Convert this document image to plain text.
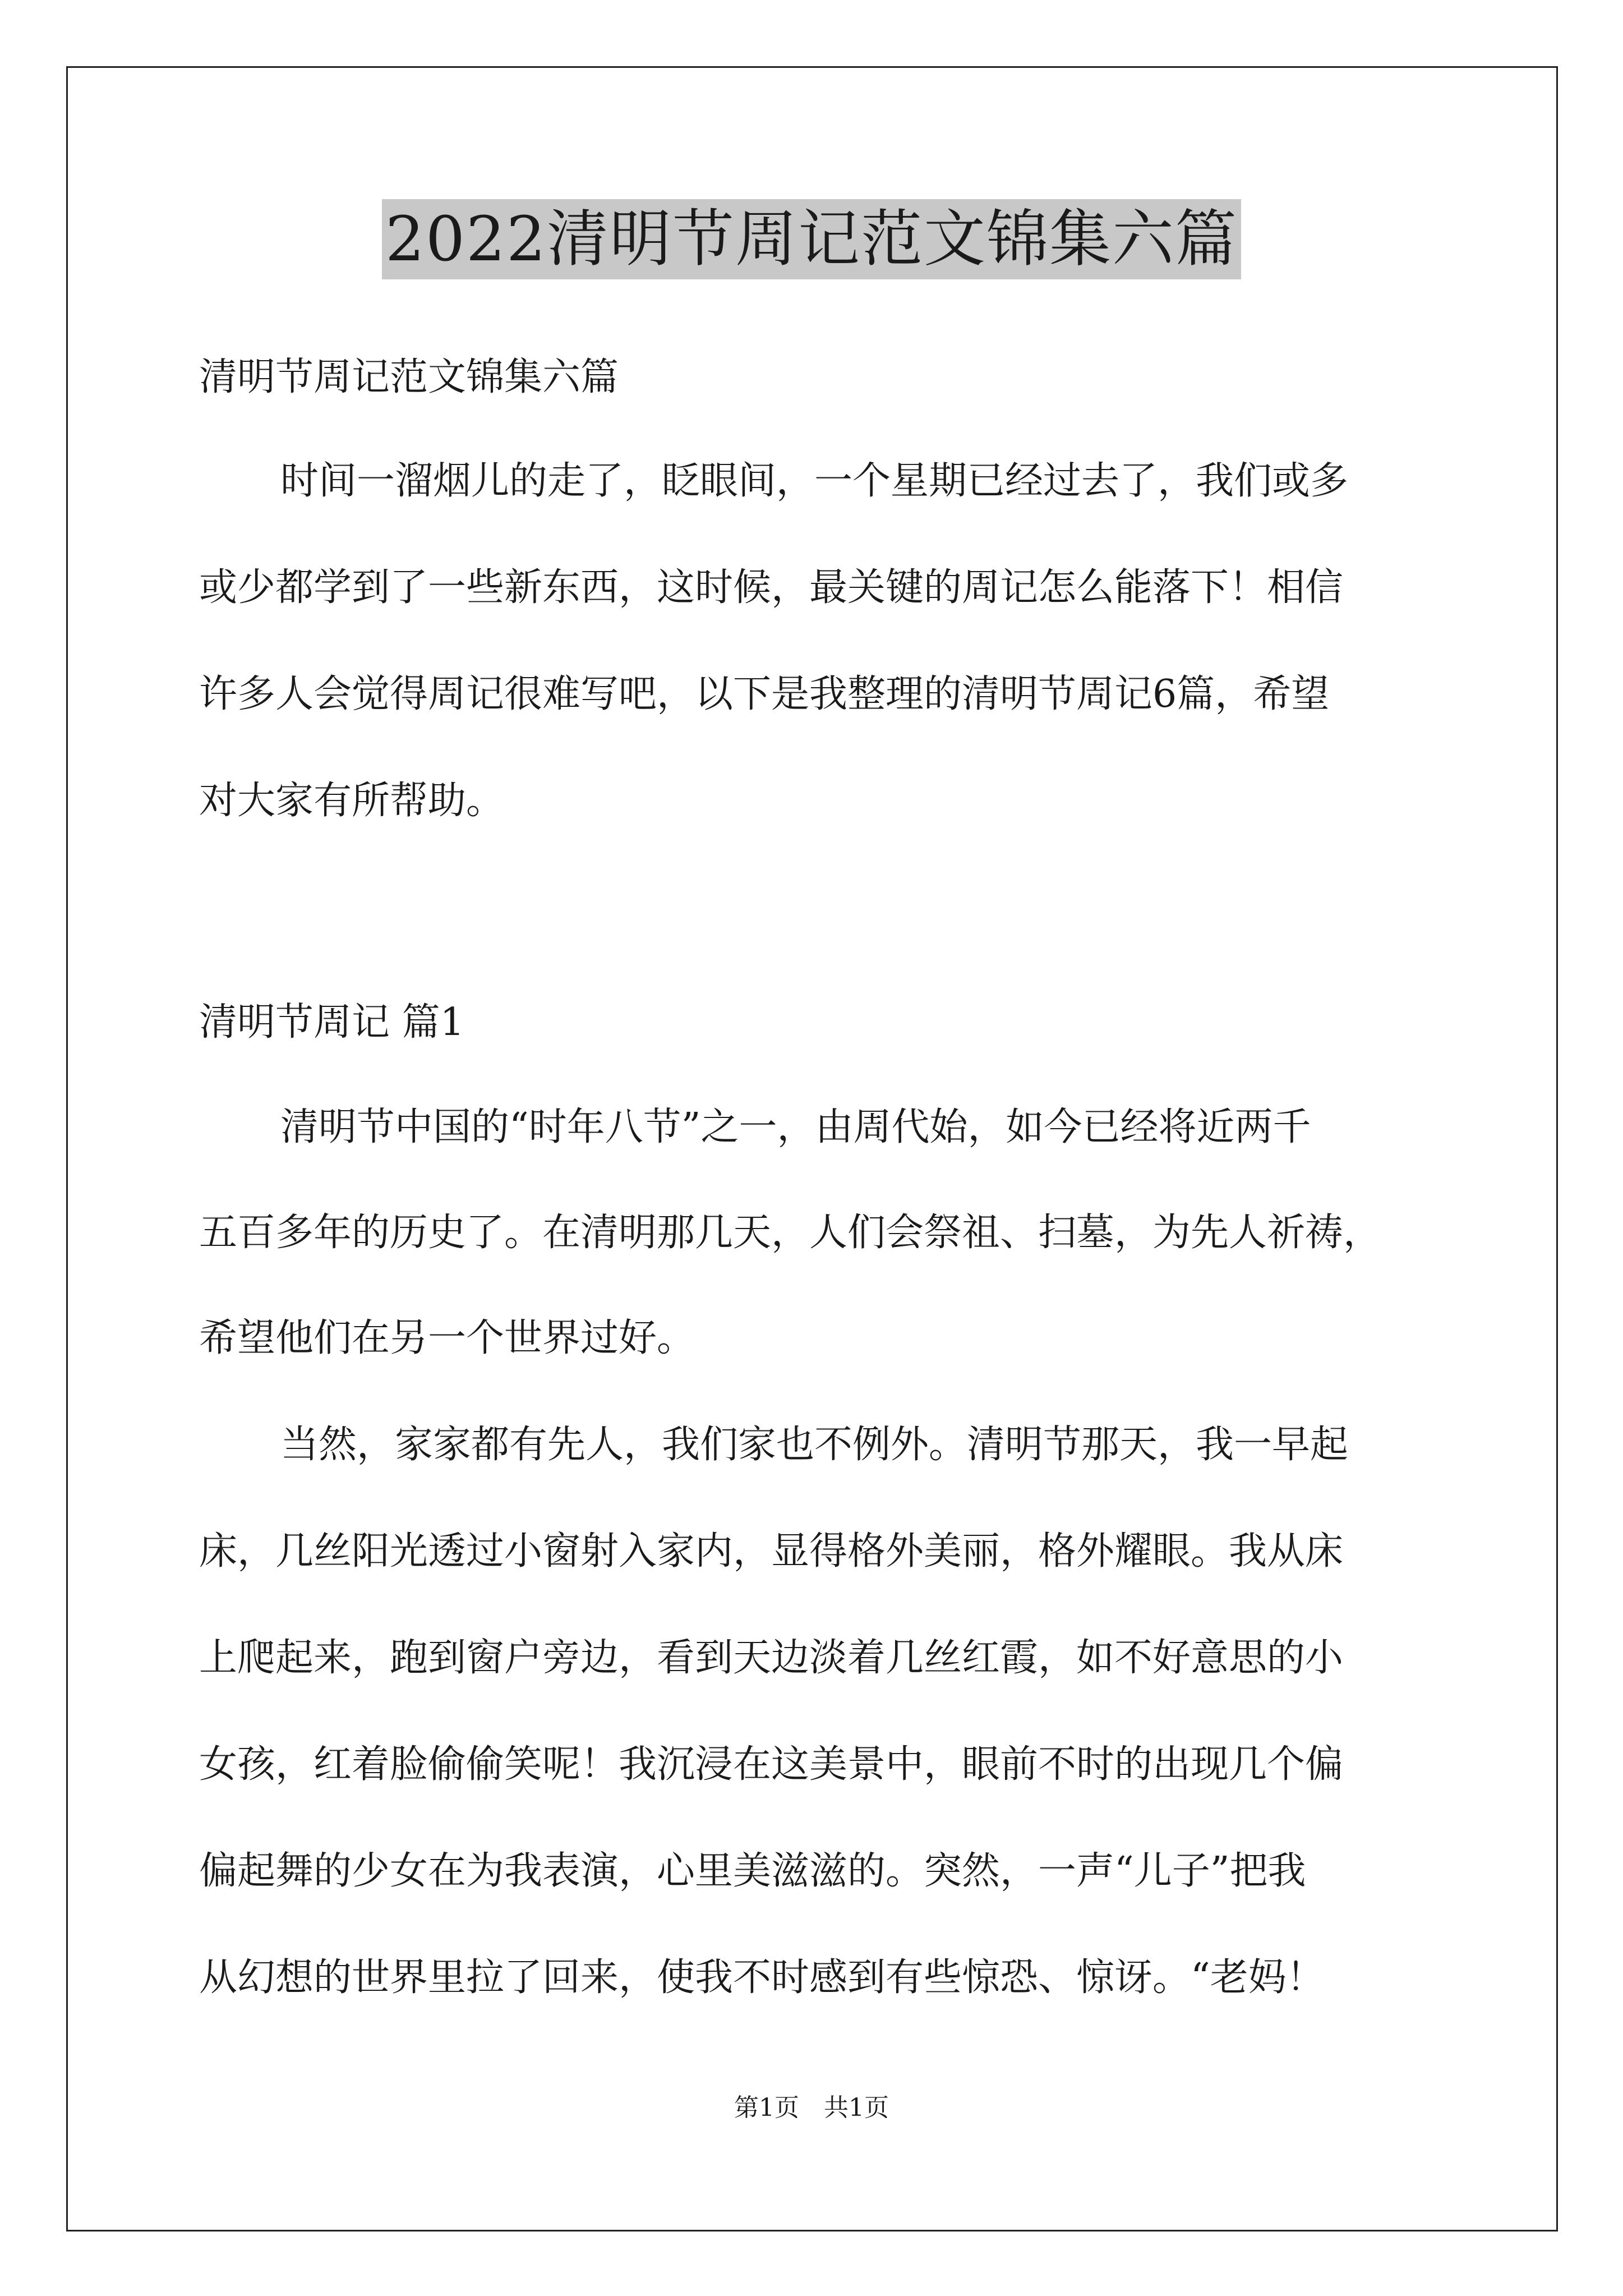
2022清明节周记范文锦集六篇

清明节周记范文锦集六篇

时间一溜烟儿的走了，眨眼间，一个星期已经过去了，我们或多

或少都学到了一些新东西，这时候，最关键的周记怎么能落下！相信

许多人会觉得周记很难写吧，以下是我整理的清明节周记6篇，希望

对大家有所帮助。

清明节周记 篇1

清明节中国的“时年八节”之一，由周代始，如今已经将近两千

五百多年的历史了。在清明那几天，人们会祭祖、扫墓，为先人祈祷，

希望他们在另一个世界过好。

当然，家家都有先人，我们家也不例外。清明节那天，我一早起

床，几丝阳光透过小窗射入家内，显得格外美丽，格外耀眼。我从床

上爬起来，跑到窗户旁边，看到天边淡着几丝红霞，如不好意思的小

女孩，红着脸偷偷笑呢！我沉浸在这美景中，眼前不时的出现几个偏

偏起舞的少女在为我表演，心里美滋滋的。突然，一声“儿子”把我

从幻想的世界里拉了回来，使我不时感到有些惊恐、惊讶。“老妈！

第1页　共1页
